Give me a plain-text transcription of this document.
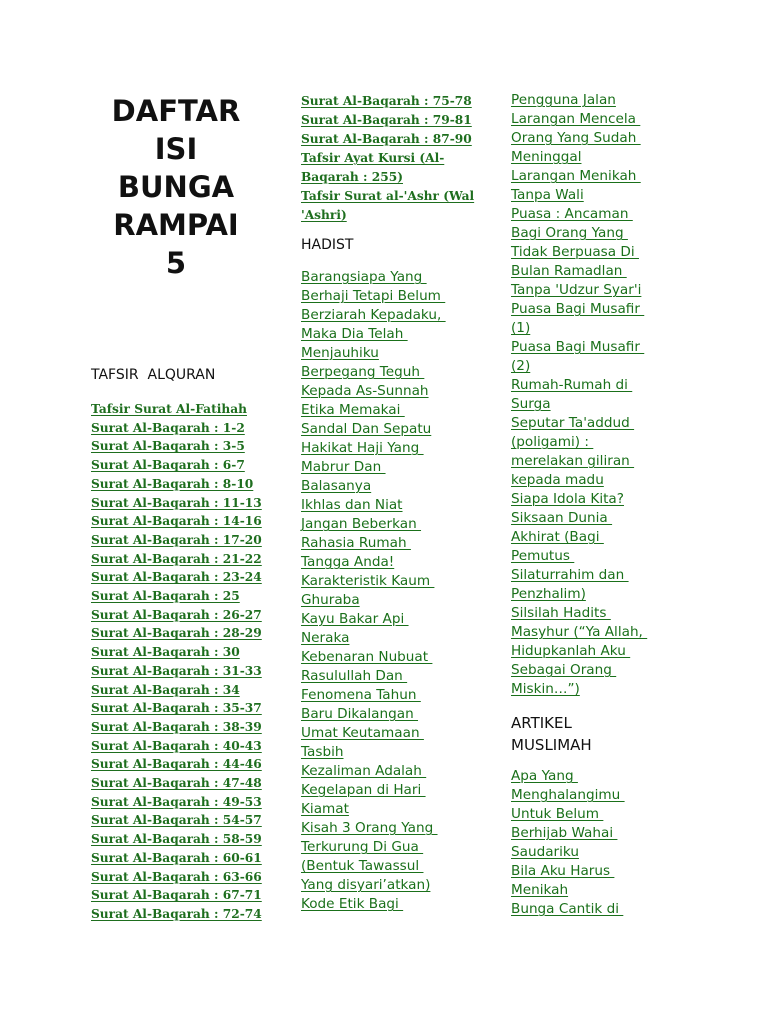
DAFTAR
ISI
BUNGA
RAMPAI
5
TAFSIR  ALQURAN
Tafsir Surat Al-Fatihah
Surat Al-Baqarah : 1-2
Surat Al-Baqarah : 3-5
Surat Al-Baqarah : 6-7
Surat Al-Baqarah : 8-10
Surat Al-Baqarah : 11-13
Surat Al-Baqarah : 14-16
Surat Al-Baqarah : 17-20
Surat Al-Baqarah : 21-22
Surat Al-Baqarah : 23-24
Surat Al-Baqarah : 25
Surat Al-Baqarah : 26-27
Surat Al-Baqarah : 28-29
Surat Al-Baqarah : 30
Surat Al-Baqarah : 31-33
Surat Al-Baqarah : 34
Surat Al-Baqarah : 35-37
Surat Al-Baqarah : 38-39
Surat Al-Baqarah : 40-43
Surat Al-Baqarah : 44-46
Surat Al-Baqarah : 47-48
Surat Al-Baqarah : 49-53
Surat Al-Baqarah : 54-57
Surat Al-Baqarah : 58-59
Surat Al-Baqarah : 60-61
Surat Al-Baqarah : 63-66
Surat Al-Baqarah : 67-71
Surat Al-Baqarah : 72-74
Surat Al-Baqarah : 75-78
Surat Al-Baqarah : 79-81
Surat Al-Baqarah : 87-90
Tafsir Ayat Kursi (Al-
Baqarah : 255)
Tafsir Surat al-'Ashr (Wal
'Ashri)
HADIST
Barangsiapa Yang
Berhaji Tetapi Belum
Berziarah Kepadaku,
Maka Dia Telah
Menjauhiku
Berpegang Teguh
Kepada As-Sunnah
Etika Memakai
Sandal Dan Sepatu
Hakikat Haji Yang
Mabrur Dan
Balasanya
Ikhlas dan Niat
Jangan Beberkan
Rahasia Rumah
Tangga Anda!
Karakteristik Kaum
Ghuraba
Kayu Bakar Api
Neraka
Kebenaran Nubuat
Rasulullah Dan
Fenomena Tahun
Baru Dikalangan
Umat Keutamaan
Tasbih
Kezaliman Adalah
Kegelapan di Hari
Kiamat
Kisah 3 Orang Yang
Terkurung Di Gua
(Bentuk Tawassul
Yang disyari’atkan)
Kode Etik Bagi
Pengguna Jalan
Larangan Mencela
Orang Yang Sudah
Meninggal
Larangan Menikah
Tanpa Wali
Puasa : Ancaman
Bagi Orang Yang
Tidak Berpuasa Di
Bulan Ramadlan
Tanpa 'Udzur Syar'i
Puasa Bagi Musafir
(1)
Puasa Bagi Musafir
(2)
Rumah-Rumah di
Surga
Seputar Ta'addud
(poligami) :
merelakan giliran
kepada madu
Siapa Idola Kita?
Siksaan Dunia
Akhirat (Bagi
Pemutus
Silaturrahim dan
Penzhalim)
Silsilah Hadits
Masyhur (“Ya Allah,
Hidupkanlah Aku
Sebagai Orang
Miskin…”)
ARTIKEL MUSLIMAH
Apa Yang
Menghalangimu
Untuk Belum
Berhijab Wahai
Saudariku
Bila Aku Harus
Menikah
Bunga Cantik di
